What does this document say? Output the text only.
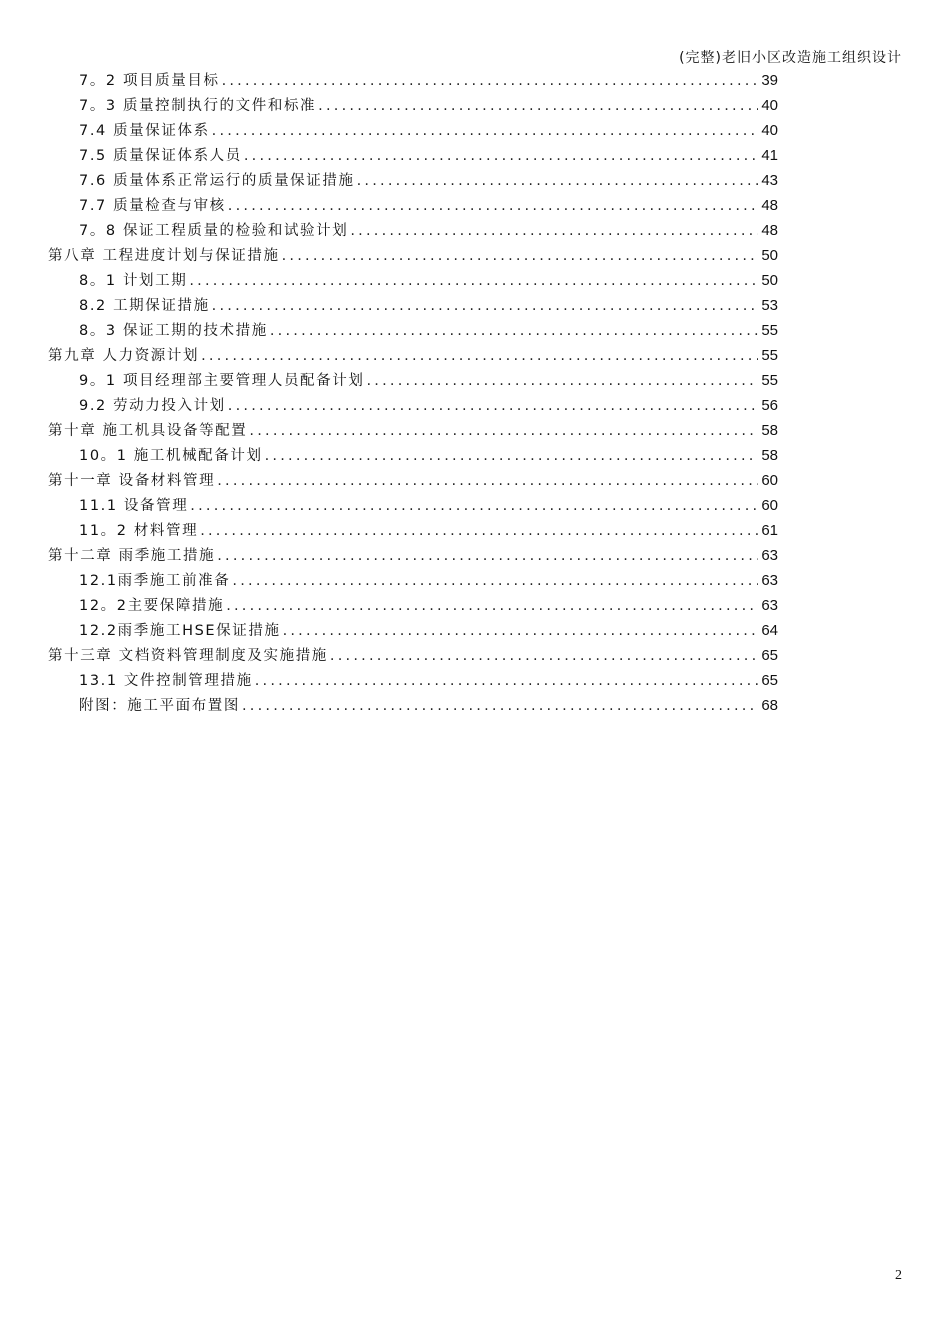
(完整)老旧小区改造施工组织设计
7。2 项目质量目标 .....	39
7。3 质量控制执行的文件和标准 .....	40
7.4 质量保证体系 .....	40
7.5 质量保证体系人员 .....	41
7.6 质量体系正常运行的质量保证措施 .....	43
7.7 质量检查与审核 .....	48
7。8 保证工程质量的检验和试验计划 .....	48
第八章 工程进度计划与保证措施 .....	50
8。1 计划工期 .....	50
8.2 工期保证措施 .....	53
8。3 保证工期的技术措施 .....	55
第九章 人力资源计划 .....	55
9。1 项目经理部主要管理人员配备计划 .....	55
9.2 劳动力投入计划 .....	56
第十章 施工机具设备等配置 .....	58
10。1 施工机械配备计划 .....	58
第十一章 设备材料管理 .....	60
11.1 设备管理 .....	60
11。2 材料管理 .....	61
第十二章 雨季施工措施 .....	63
12.1雨季施工前准备 .....	63
12。2主要保障措施 .....	63
12.2雨季施工HSE保证措施 .....	64
第十三章 文档资料管理制度及实施措施 .....	65
13.1 文件控制管理措施 .....	65
附图：施工平面布置图 .....	68
2
